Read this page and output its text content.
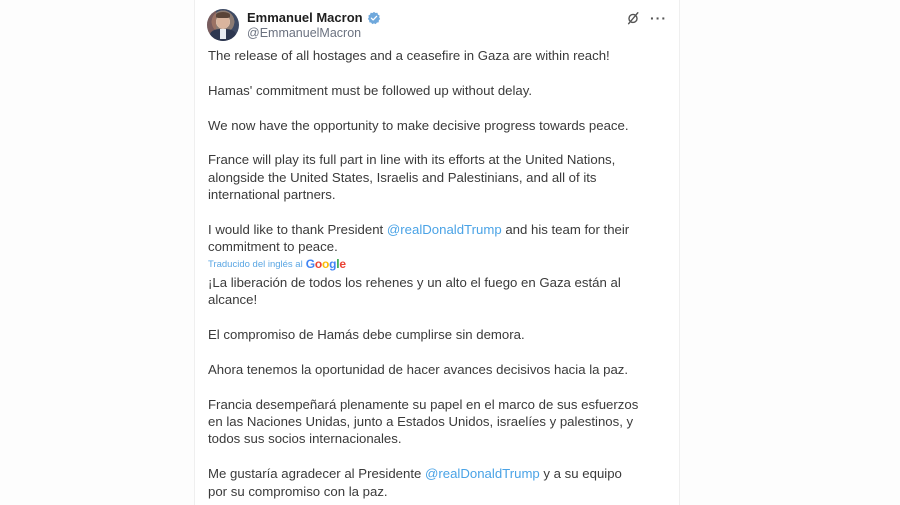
Emmanuel Macron
@EmmanuelMacron
···

The release of all hostages and a ceasefire in Gaza are within reach!

Hamas' commitment must be followed up without delay.

We now have the opportunity to make decisive progress towards peace.

France will play its full part in line with its efforts at the United Nations,
alongside the United States, Israelis and Palestinians, and all of its
international partners.

I would like to thank President @realDonaldTrump and his team for their
commitment to peace.

Traducido del inglés al Google

¡La liberación de todos los rehenes y un alto el fuego en Gaza están al
alcance!

El compromiso de Hamás debe cumplirse sin demora.

Ahora tenemos la oportunidad de hacer avances decisivos hacia la paz.

Francia desempeñará plenamente su papel en el marco de sus esfuerzos
en las Naciones Unidas, junto a Estados Unidos, israelíes y palestinos, y
todos sus socios internacionales.

Me gustaría agradecer al Presidente @realDonaldTrump y a su equipo
por su compromiso con la paz.
